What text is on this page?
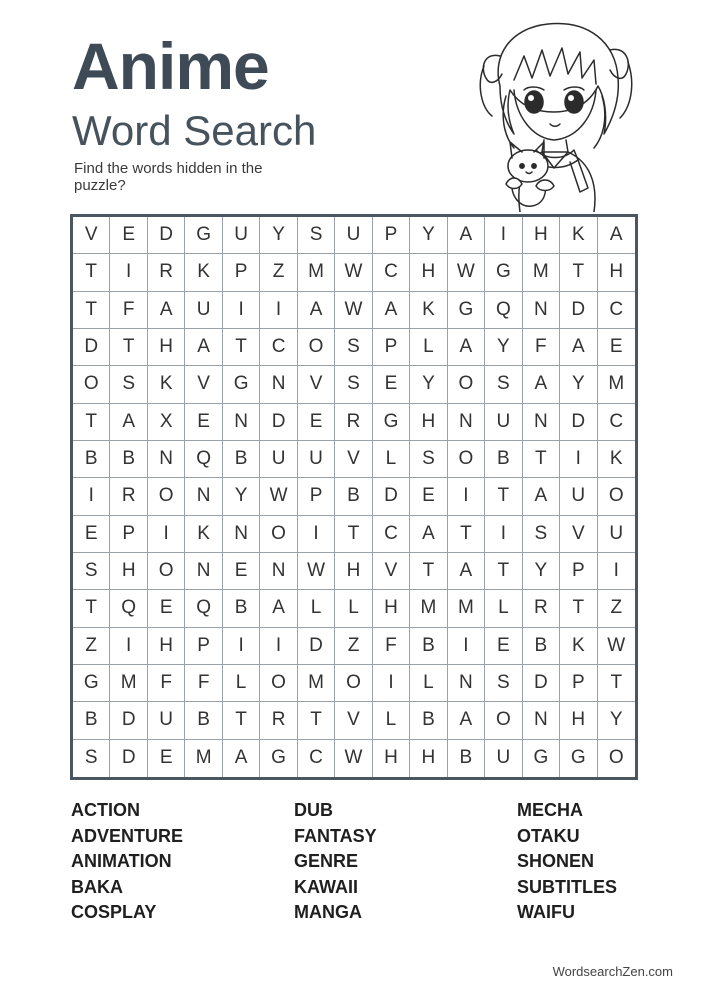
Anime
Word Search
Find the words hidden in the puzzle?
V	E	D	G	U	Y	S	U	P	Y	A	I	H	K	A
T	I	R	K	P	Z	M	W	C	H	W	G	M	T	H
T	F	A	U	I	I	A	W	A	K	G	Q	N	D	C
D	T	H	A	T	C	O	S	P	L	A	Y	F	A	E
O	S	K	V	G	N	V	S	E	Y	O	S	A	Y	M
T	A	X	E	N	D	E	R	G	H	N	U	N	D	C
B	B	N	Q	B	U	U	V	L	S	O	B	T	I	K
I	R	O	N	Y	W	P	B	D	E	I	T	A	U	O
E	P	I	K	N	O	I	T	C	A	T	I	S	V	U
S	H	O	N	E	N	W	H	V	T	A	T	Y	P	I
T	Q	E	Q	B	A	L	L	H	M	M	L	R	T	Z
Z	I	H	P	I	I	D	Z	F	B	I	E	B	K	W
G	M	F	F	L	O	M	O	I	L	N	S	D	P	T
B	D	U	B	T	R	T	V	L	B	A	O	N	H	Y
S	D	E	M	A	G	C	W	H	H	B	U	G	G	O
ACTION
ADVENTURE
ANIMATION
BAKA
COSPLAY
DUB
FANTASY
GENRE
KAWAII
MANGA
MECHA
OTAKU
SHONEN
SUBTITLES
WAIFU
WordsearchZen.com
